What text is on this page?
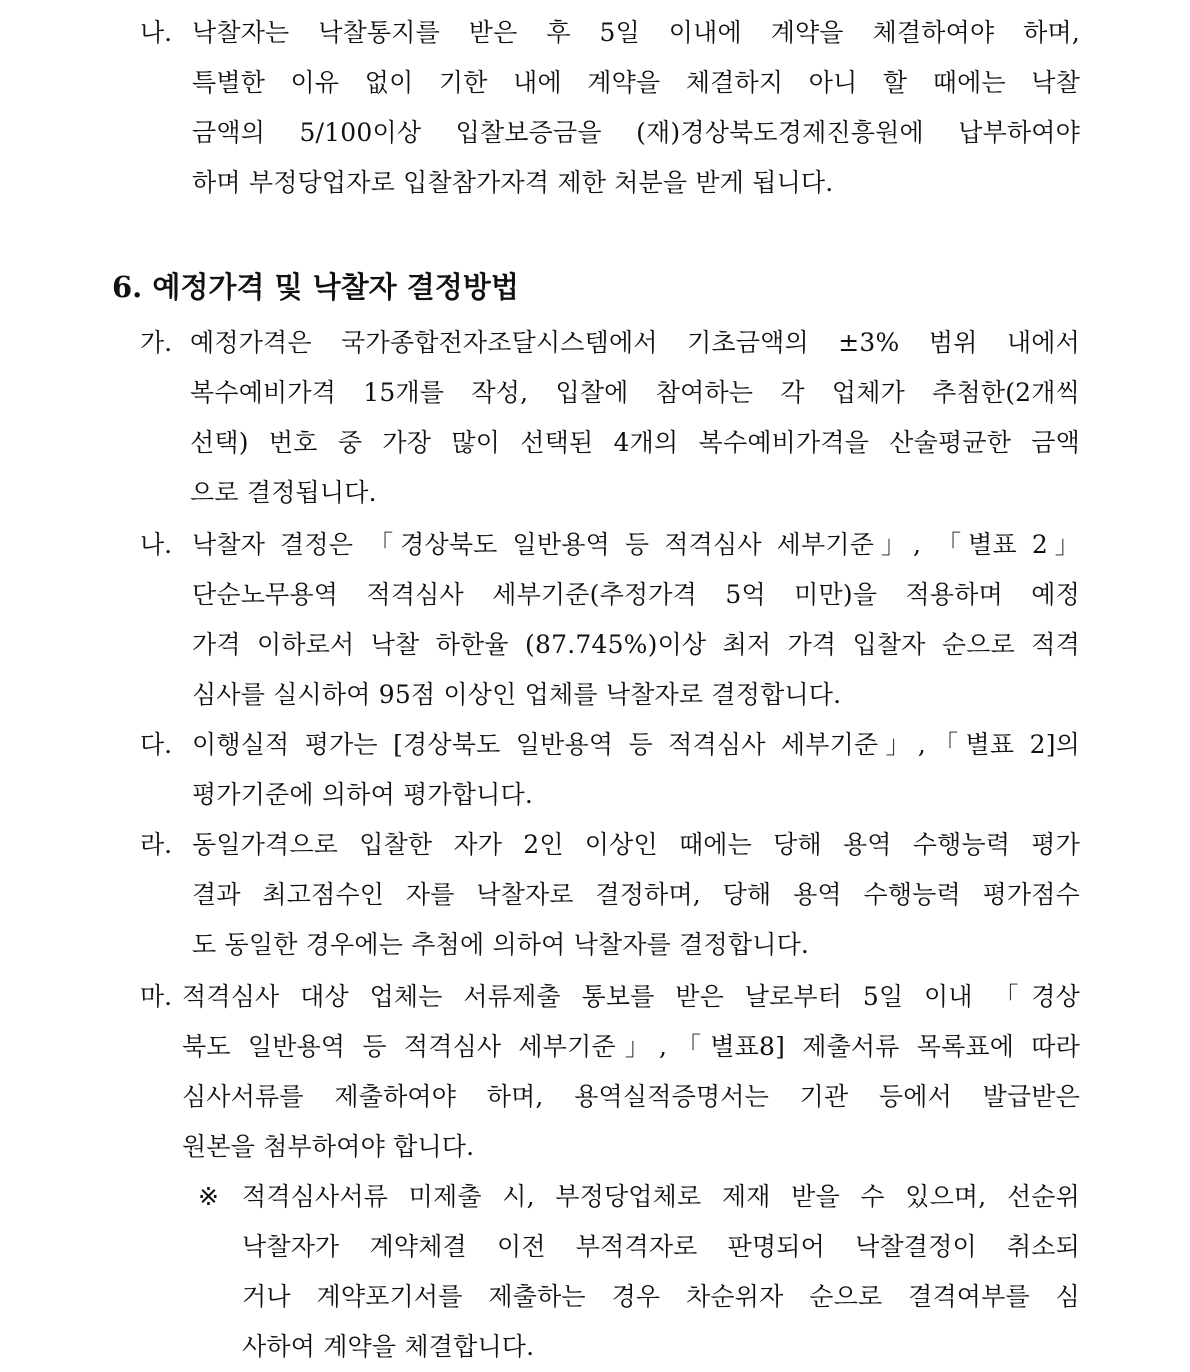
나. 낙찰자는 낙찰통지를 받은 후 5일 이내에 계약을 체결하여야 하며,
특별한 이유 없이 기한 내에 계약을 체결하지 아니 할 때에는 낙찰
금액의 5/100이상 입찰보증금을 (재)경상북도경제진흥원에 납부하여야
하며 부정당업자로 입찰참가자격 제한 처분을 받게 됩니다.
6. 예정가격 및 낙찰자 결정방법
가. 예정가격은 국가종합전자조달시스템에서 기초금액의 ±3% 범위 내에서
복수예비가격 15개를 작성, 입찰에 참여하는 각 업체가 추첨한(2개씩
선택) 번호 중 가장 많이 선택된 4개의 복수예비가격을 산술평균한 금액
으로 결정됩니다.
나. 낙찰자 결정은 「경상북도 일반용역 등 적격심사 세부기준」, 「별표 2」
단순노무용역 적격심사 세부기준(추정가격 5억 미만)을 적용하며 예정
가격 이하로서 낙찰 하한율 (87.745%)이상 최저 가격 입찰자 순으로 적격
심사를 실시하여 95점 이상인 업체를 낙찰자로 결정합니다.
다. 이행실적 평가는 [경상북도 일반용역 등 적격심사 세부기준」,「별표 2]의
평가기준에 의하여 평가합니다.
라. 동일가격으로 입찰한 자가 2인 이상인 때에는 당해 용역 수행능력 평가
결과 최고점수인 자를 낙찰자로 결정하며, 당해 용역 수행능력 평가점수
도 동일한 경우에는 추첨에 의하여 낙찰자를 결정합니다.
마. 적격심사 대상 업체는 서류제출 통보를 받은 날로부터 5일 이내 「경상
북도 일반용역 등 적격심사 세부기준」,「별표8] 제출서류 목록표에 따라
심사서류를 제출하여야 하며, 용역실적증명서는 기관 등에서 발급받은
원본을 첨부하여야 합니다.
※ 적격심사서류 미제출 시, 부정당업체로 제재 받을 수 있으며, 선순위
낙찰자가 계약체결 이전 부적격자로 판명되어 낙찰결정이 취소되
거나 계약포기서를 제출하는 경우 차순위자 순으로 결격여부를 심
사하여 계약을 체결합니다.
